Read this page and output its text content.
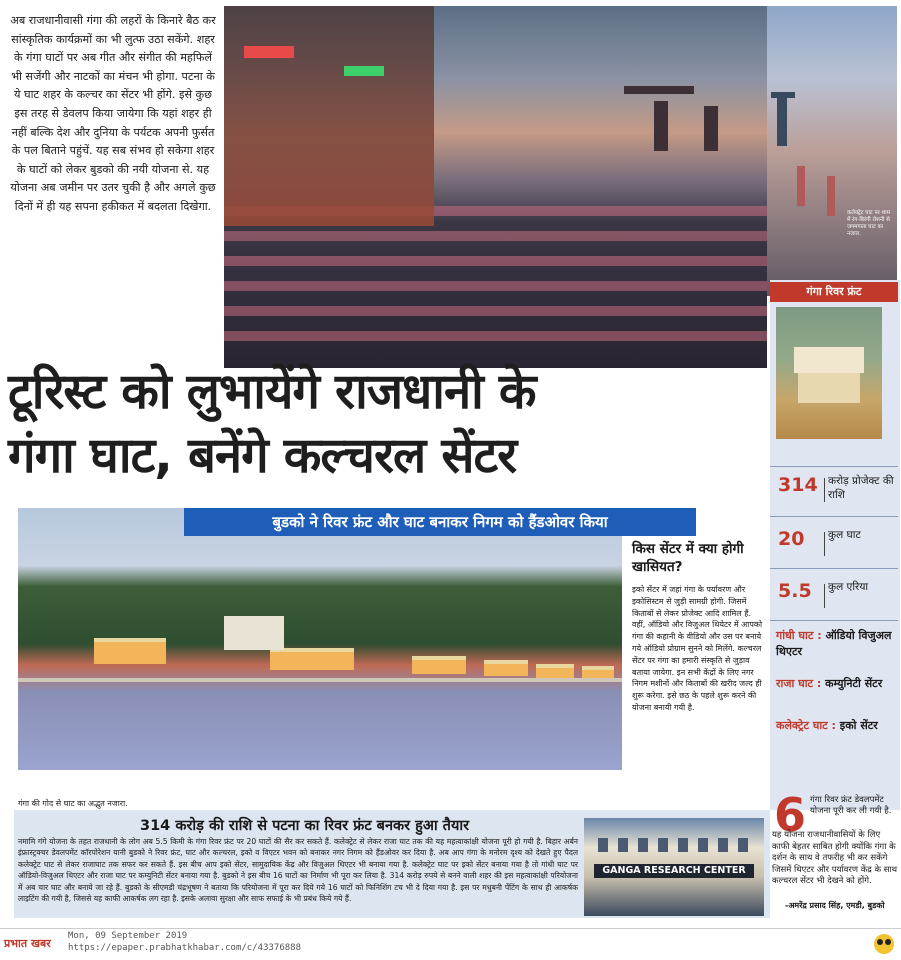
अब राजधानीवासी गंगा की लहरों के किनारे बैठ कर सांस्कृतिक कार्यक्रमों का भी लुत्फ उठा सकेंगे. शहर के गंगा घाटों पर अब गीत और संगीत की महफिलें भी सजेंगी और नाटकों का मंचन भी होगा. पटना के ये घाट शहर के कल्चर का सेंटर भी होंगे. इसे कुछ इस तरह से डेवलप किया जायेगा कि यहां शहर ही नहीं बल्कि देश और दुनिया के पर्यटक अपनी फुर्सत के पल बिताने पहुंचें. यह सब संभव हो सकेगा शहर के घाटों को लेकर बुडको की नयी योजना से. यह योजना अब जमीन पर उतर चुकी है और अगले कुछ दिनों में ही यह सपना हकीकत में बदलता दिखेगा.
कलेक्ट्रेट घाट पर शाम में रंग-बिरंगी रोशनी से जगमगाता घाट का नजारा.
गंगा रिवर फ्रंट
314 करोड़ प्रोजेक्ट की राशि
20 कुल घाट
5.5 कुल एरिया
गांधी घाट : ऑडियो विजुअल थिएटर
राजा घाट : कम्युनिटी सेंटर
कलेक्ट्रेट घाट : इको सेंटर
6 गंगा रिवर फ्रंट डेवलपमेंट योजना पूरी कर ली गयी है.
यह योजना राजधानीवासियों के लिए काफी बेहतर साबित होगी क्योंकि गंगा के दर्शन के साथ वे तफरीह भी कर सकेंगे जिसमें थिएटर और पर्यावरण केंद्र के साथ कल्चरल सेंटर भी देखने को होंगे.
-अमरेंद्र प्रसाद सिंह, एमडी, बुडको
टूरिस्ट को लुभायेंगे राजधानी के
गंगा घाट, बनेंगे कल्चरल सेंटर
बुडको ने रिवर फ्रंट और घाट बनाकर निगम को हैंडओवर किया
गंगा की गोद से घाट का अद्भुत नजारा.
किस सेंटर में क्या होगी खासियत?
इको सेंटर में जहां गंगा के पर्यावरण और इकोसिस्टम से जुड़ी सामग्री होगी. जिसमें किताबों से लेकर प्रोजेक्ट आदि शामिल हैं. वहीं, ऑडियो और विजुअल थियेटर में आपको गंगा की कहानी के वीडियो और उस पर बनाये गये ऑडियो प्रोग्राम सुनने को मिलेंगे. कल्चरल सेंटर पर गंगा का हमारी संस्कृति से जुड़ाव बताया जायेगा. इन सभी केंद्रों के लिए नगर निगम मशीनों और किताबों की खरीद जल्द ही शुरू करेगा. इसे छठ के पहले शुरू करने की योजना बनायी गयी है.
314 करोड़ की राशि से पटना का रिवर फ्रंट बनकर हुआ तैयार
नमामि गंगे योजना के तहत राजधानी के लोग अब 5.5 किमी के गंगा रिवर फ्रंट पर 20 घाटों की सैर कर सकते हैं. कलेक्ट्रेट से लेकर राजा घाट तक की यह महत्वाकांक्षी योजना पूरी हो गयी है. बिहार अर्बन इंफ्रास्ट्रक्चर डेवलपमेंट कॉरपोरेशन यानी बुडको ने रिवर फ्रंट, घाट और कल्चरल, इको व विएटर भवन को बनाकर नगर निगम को हैंडओवर कर दिया है. अब आप गंगा के मनोरम दृश्य को देखते हुए पैदल कलेक्ट्रेट घाट से लेकर राजाघाट तक सफर कर सकते हैं. इस बीच आप इको सेंटर, सामुदायिक केंद्र और विजुअल थिएटर भी बनाया गया है. कलेक्ट्रेट घाट पर इको सेंटर बनाया गया है तो गांधी घाट पर ऑडियो-विजुअल थिएटर और राजा घाट पर कम्युनिटी सेंटर बनाया गया है. बुडको ने इस बीच 16 घाटों का निर्माण भी पूरा कर लिया है. 314 करोड़ रुपये से बनने वाली शहर की इस महत्वाकांक्षी परियोजना में अब चार घाट और बनाये जा रहे हैं. बुडको के सीएमडी चंद्रभूषण ने बताया कि परियोजना में पूरा कर दिये गये 16 घाटों को फिनिशिंग टच भी दे दिया गया है. इस पर मधुबनी पेंटिंग के साथ ही आकर्षक लाइटिंग की गयी है, जिससे यह काफी आकर्षक लग रहा है. इसके अलावा सुरक्षा और साफ सफाई के भी प्रबंध किये गये हैं.
GANGA RESEARCH CENTER
प्रभात खबर
Mon, 09 September 2019
https://epaper.prabhatkhabar.com/c/43376888
